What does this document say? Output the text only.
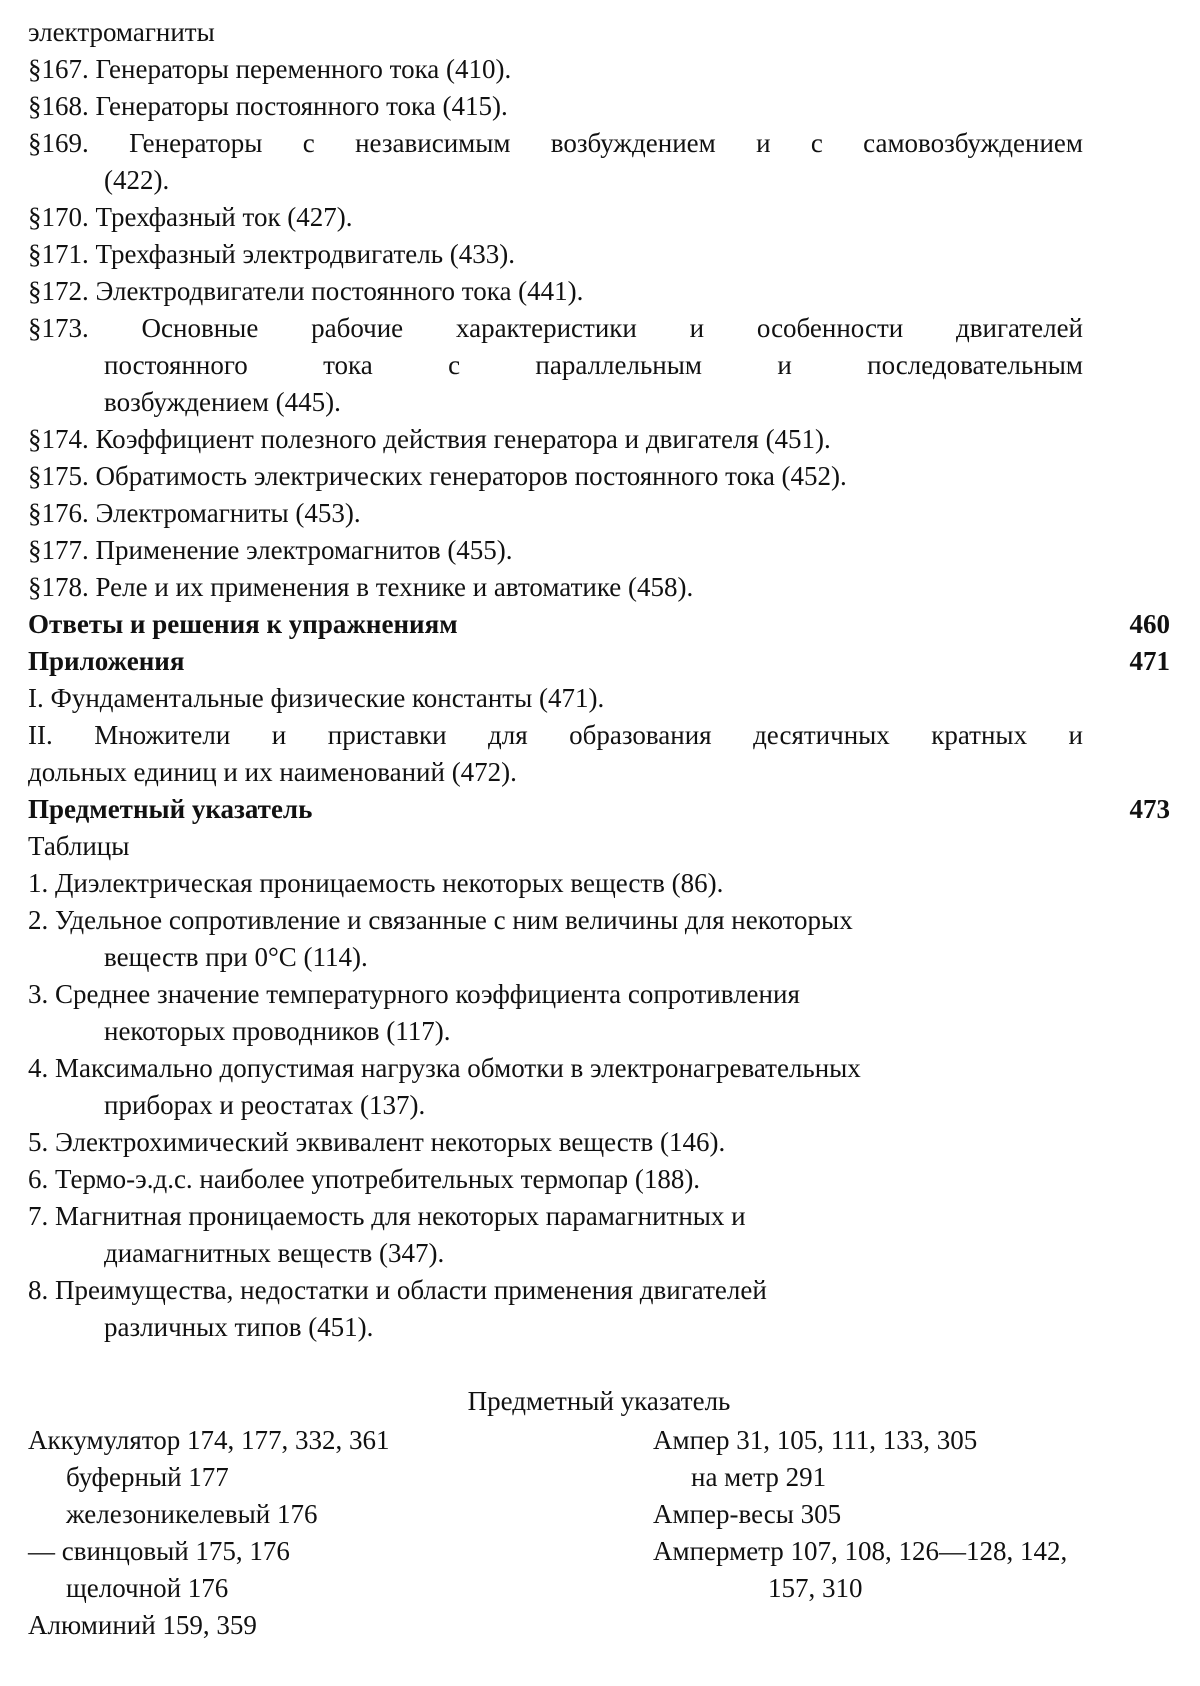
электромагниты
§167. Генераторы переменного тока (410).
§168. Генераторы постоянного тока (415).
§169. Генераторы с независимым возбуждением и с самовозбуждением
(422).
§170. Трехфазный ток (427).
§171. Трехфазный электродвигатель (433).
§172. Электродвигатели постоянного тока (441).
§173. Основные рабочие характеристики и особенности двигателей
постоянного тока с параллельным и последовательным
возбуждением (445).
§174. Коэффициент полезного действия генератора и двигателя (451).
§175. Обратимость электрических генераторов постоянного тока (452).
§176. Электромагниты (453).
§177. Применение электромагнитов (455).
§178. Реле и их применения в технике и автоматике (458).
Ответы и решения к упражнениям	460
Приложения	471
I. Фундаментальные физические константы (471).
II. Множители и приставки для образования десятичных кратных и
дольных единиц и их наименований (472).
Предметный указатель	473
Таблицы
1. Диэлектрическая проницаемость некоторых веществ (86).
2. Удельное сопротивление и связанные с ним величины для некоторых
веществ при 0°С (114).
3. Среднее значение температурного коэффициента сопротивления
некоторых проводников (117).
4. Максимально допустимая нагрузка обмотки в электронагревательных
приборах и реостатах (137).
5. Электрохимический эквивалент некоторых веществ (146).
6. Термо-э.д.с. наиболее употребительных термопар (188).
7. Магнитная проницаемость для некоторых парамагнитных и
диамагнитных веществ (347).
8. Преимущества, недостатки и области применения двигателей
различных типов (451).
Предметный указатель
Аккумулятор 174, 177, 332, 361
буферный 177
железоникелевый 176
— свинцовый 175, 176
щелочной 176
Алюминий 159, 359
Ампер 31, 105, 111, 133, 305
на метр 291
Ампер-весы 305
Амперметр 107, 108, 126—128, 142,
157, 310
